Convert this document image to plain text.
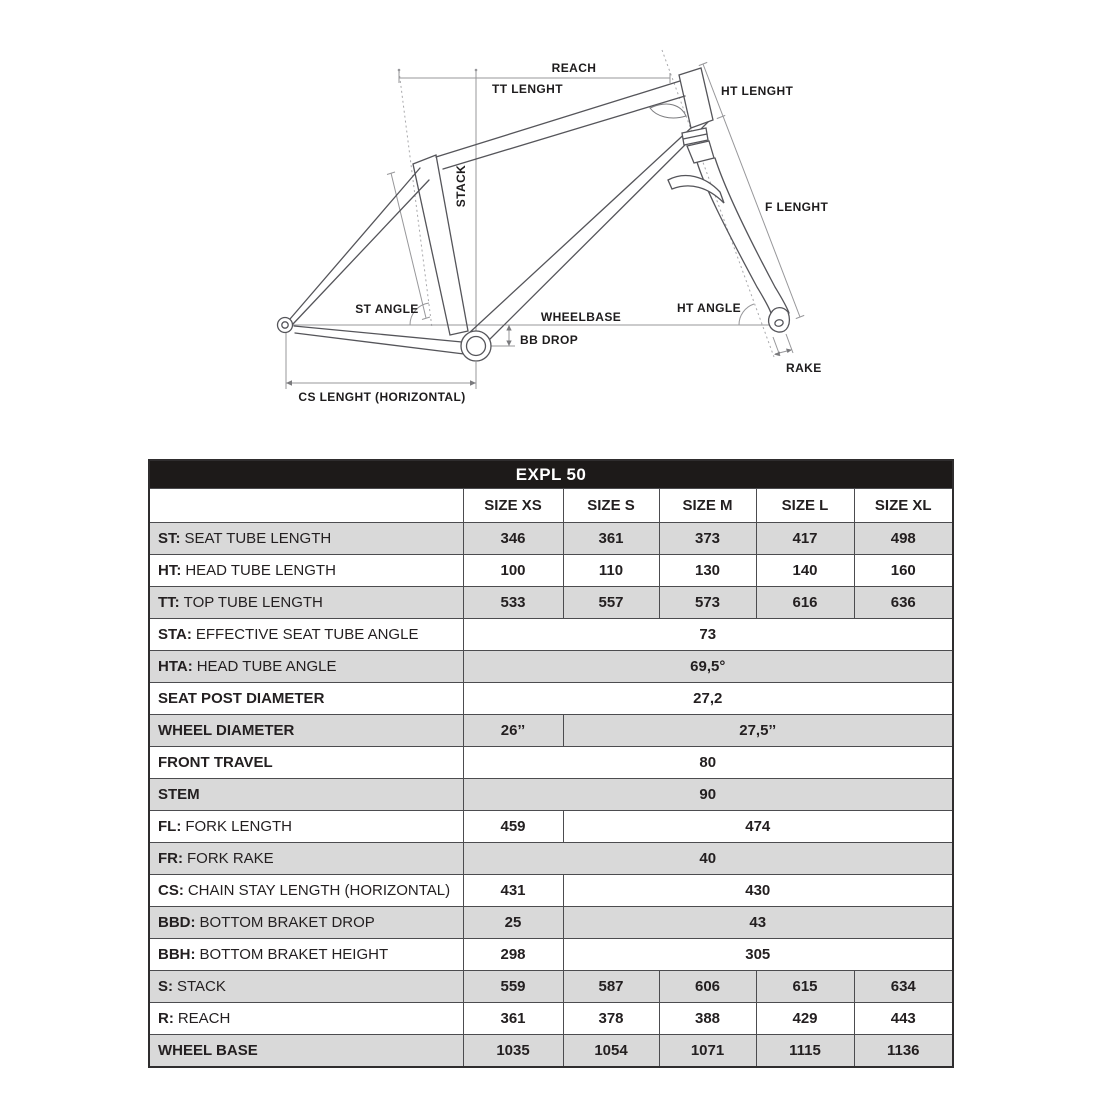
REACH
TT LENGHT	HT LENGHT
STACK	F LENGHT
ST ANGLE
WHEELBASE
BB DROP
HT ANGLE
RAKE
CS LENGHT (HORIZONTAL)
EXPL 50					
	SIZE XS	SIZE S	SIZE M	SIZE L	SIZE XL
ST: SEAT TUBE LENGTH	346	361	373	417	498
HT: HEAD TUBE LENGTH	100	110	130	140	160
TT: TOP TUBE LENGTH	533	557	573	616	636
STA: EFFECTIVE SEAT TUBE ANGLE	73				
HTA: HEAD TUBE ANGLE	69,5°				
SEAT POST DIAMETER	27,2				
WHEEL DIAMETER	26’’	27,5’’			
FRONT TRAVEL	80				
STEM	90				
FL: FORK LENGTH	459	474			
FR: FORK RAKE	40				
CS: CHAIN STAY LENGTH (HORIZONTAL)	431	430			
BBD: BOTTOM BRAKET DROP	25	43			
BBH: BOTTOM BRAKET HEIGHT	298	305			
S: STACK	559	587	606	615	634
R: REACH	361	378	388	429	443
WHEEL BASE	1035	1054	1071	1115	1136
